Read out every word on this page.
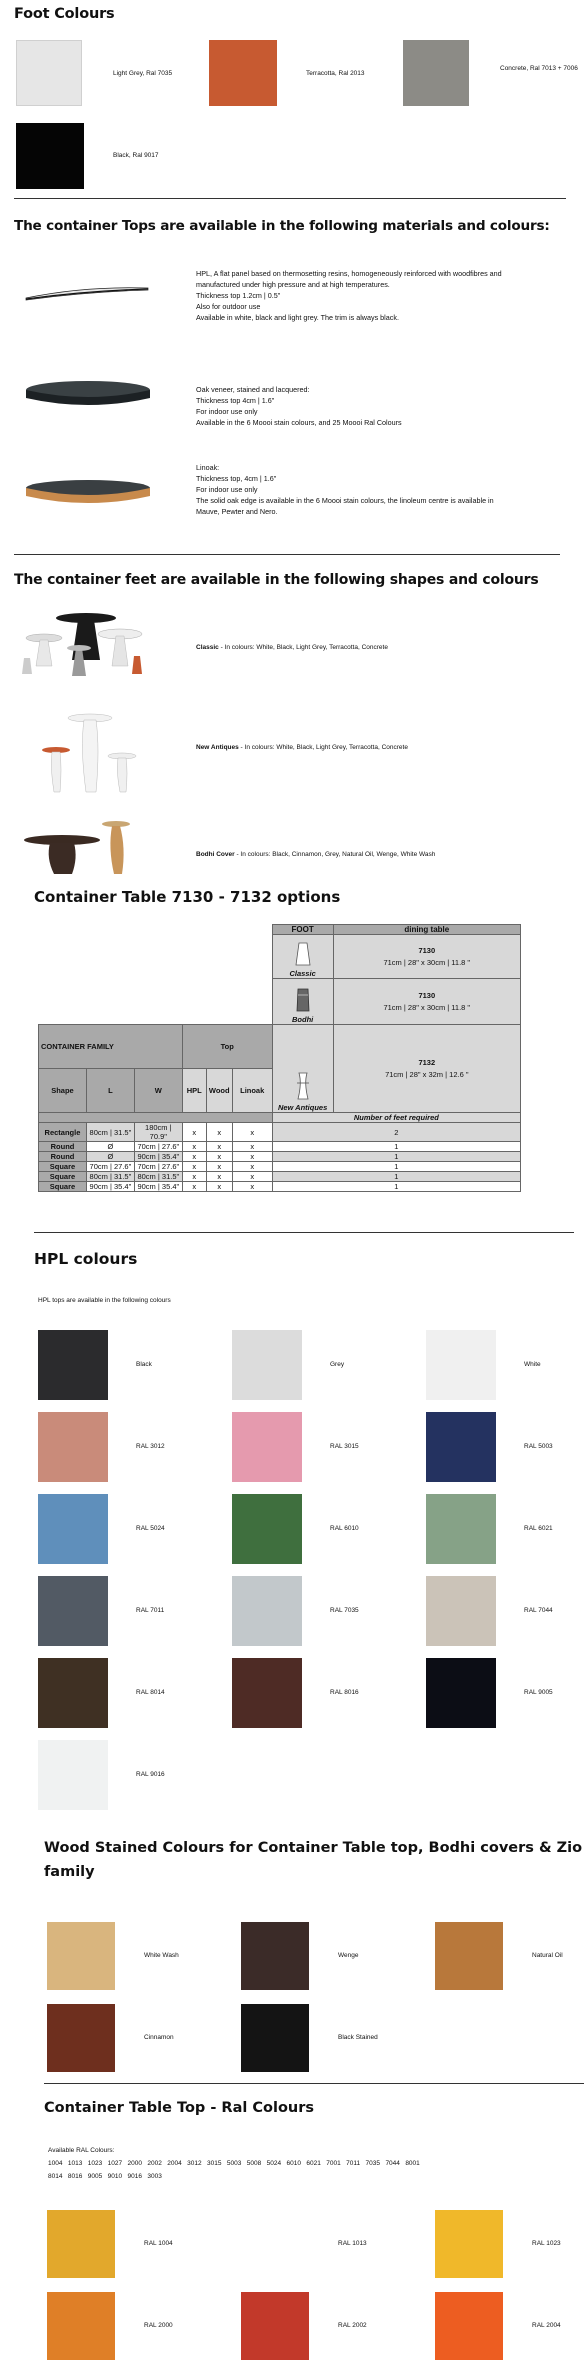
Foot Colours
Light Grey, Ral 7035	Terracotta, Ral 2013
Concrete, Ral 7013 + 7006
Black, Ral 9017
The container Tops are available in the following materials and colours:
HPL, A flat panel based on thermosetting resins, homogeneously reinforced with woodfibres and
manufactured under high pressure and at high temperatures.
Thickness top 1.2cm | 0.5"
Also for outdoor use
Available in white, black and light grey. The trim is always black.
Oak veneer, stained and lacquered:
Thickness top 4cm | 1.6"
For indoor use only
Available in the 6 Moooi stain colours, and 25 Moooi Ral Colours
Linoak:
Thickness top, 4cm | 1.6"
For indoor use only
The solid oak edge is available in the 6 Moooi stain colours, the linoleum centre is available in
Mauve, Pewter and Nero.
The container feet are available in the following shapes and colours
Classic - In colours: White, Black, Light Grey, Terracotta, Concrete
New Antiques - In colours: White, Black, Light Grey, Terracotta, Concrete
Bodhi Cover - In colours: Black, Cinnamon, Grey, Natural Oil, Wenge, White Wash
Container Table 7130 - 7132 options
						FOOT	dining table

						Classic	7130
71cm | 28" x 30cm | 11.8 "

						Bodhi	7130
71cm | 28" x 30cm | 11.8 "

CONTAINER FAMILY			Top			New Antiques	7132
71cm | 28" x 32m | 12.6 "

Shape	L	W	HPL	Wood	Linoak		
						Number of feet required	
Rectangle	80cm | 31.5"	180cm | 70.9"	x	x	x	2	
Round	Ø	70cm | 27.6"	x	x	x	1	
Round	Ø	90cm | 35.4"	x	x	x	1	
Square	70cm | 27.6"	70cm | 27.6"	x	x	x	1	
Square	80cm | 31.5"	80cm | 31.5"	x	x	x	1	
Square	90cm | 35.4"	90cm | 35.4"	x	x	x	1	
HPL colours
HPL tops are available in the following colours
Black	Grey	White
RAL 3012	RAL 3015	RAL 5003
RAL 5024	RAL 6010	RAL 6021
RAL 7011	RAL 7035	RAL 7044
RAL 8014	RAL 8016	RAL 9005
RAL 9016
Wood Stained Colours for Container Table top, Bodhi covers & Zio
family
White Wash	Wenge	Natural Oil
Cinnamon	Black Stained
Container Table Top - Ral Colours
Available RAL Colours:
1004   1013   1023   1027   2000   2002   2004   3012   3015   5003   5008   5024   6010   6021   7001   7011   7035   7044   8001
8014   8016   9005   9010   9016   3003
RAL 1004	RAL 1013	RAL 1023
RAL 2000	RAL 2002	RAL 2004
